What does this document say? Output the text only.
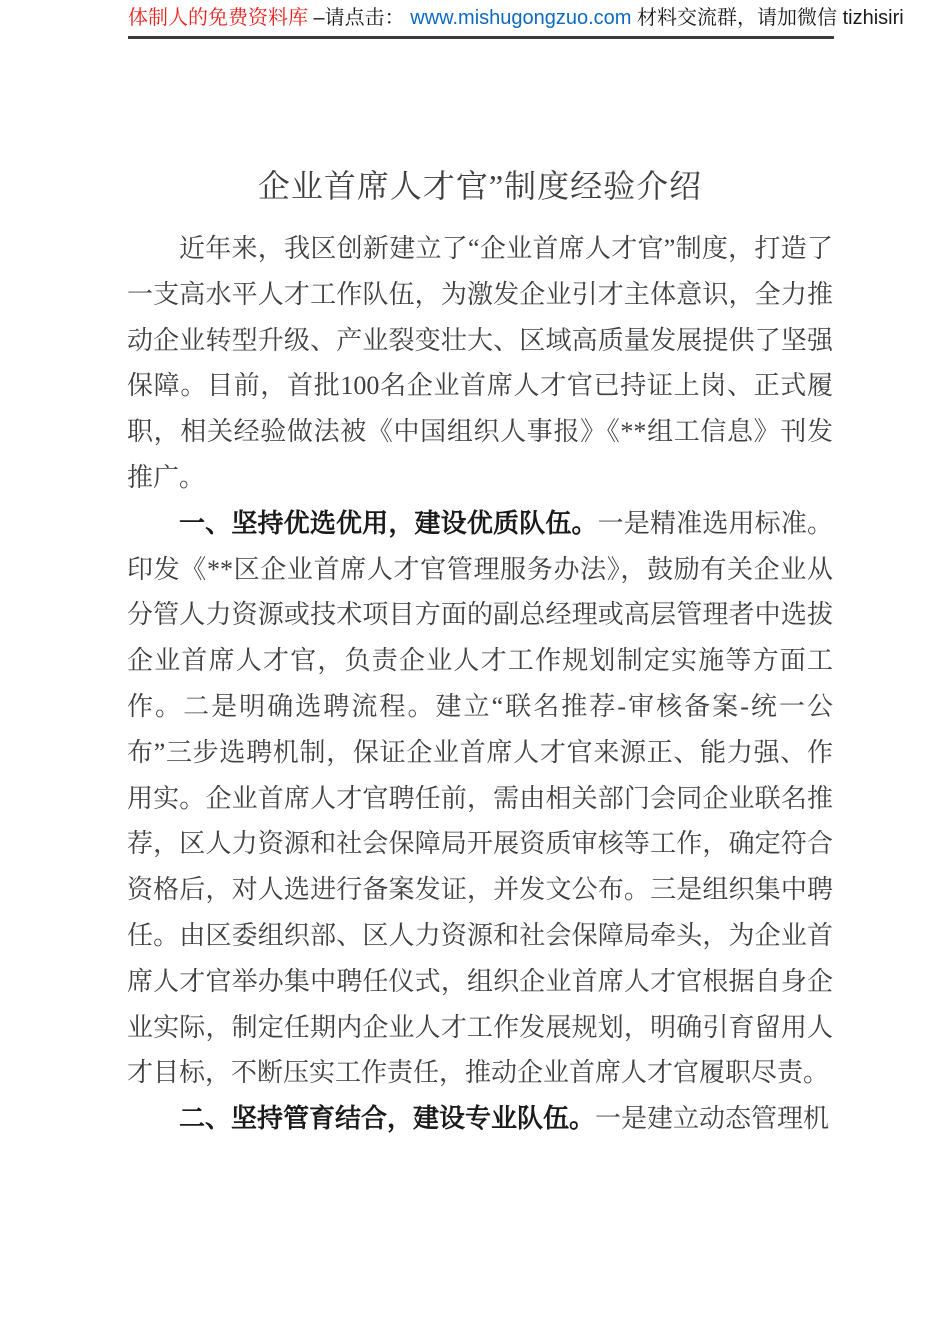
体制人的免费资料库 –请点击： www.mishugongzuo.com 材料交流群，请加微信 tizhisiri
企业首席人才官”制度经验介绍

近年来，我区创新建立了“企业首席人才官”制度，打造了一支高水平人才工作队伍，为激发企业引才主体意识，全力推动企业转型升级、产业裂变壮大、区域高质量发展提供了坚强保障。目前，首批100名企业首席人才官已持证上岗、正式履职，相关经验做法被《中国组织人事报》《**组工信息》刊发推广。

一、坚持优选优用，建设优质队伍。一是精准选用标准。印发《**区企业首席人才官管理服务办法》，鼓励有关企业从分管人力资源或技术项目方面的副总经理或高层管理者中选拔企业首席人才官，负责企业人才工作规划制定实施等方面工作。二是明确选聘流程。建立“联名推荐-审核备案-统一公布”三步选聘机制，保证企业首席人才官来源正、能力强、作用实。企业首席人才官聘任前，需由相关部门会同企业联名推荐，区人力资源和社会保障局开展资质审核等工作，确定符合资格后，对人选进行备案发证，并发文公布。三是组织集中聘任。由区委组织部、区人力资源和社会保障局牵头，为企业首席人才官举办集中聘任仪式，组织企业首席人才官根据自身企业实际，制定任期内企业人才工作发展规划，明确引育留用人才目标，不断压实工作责任，推动企业首席人才官履职尽责。

二、坚持管育结合，建设专业队伍。一是建立动态管理机
